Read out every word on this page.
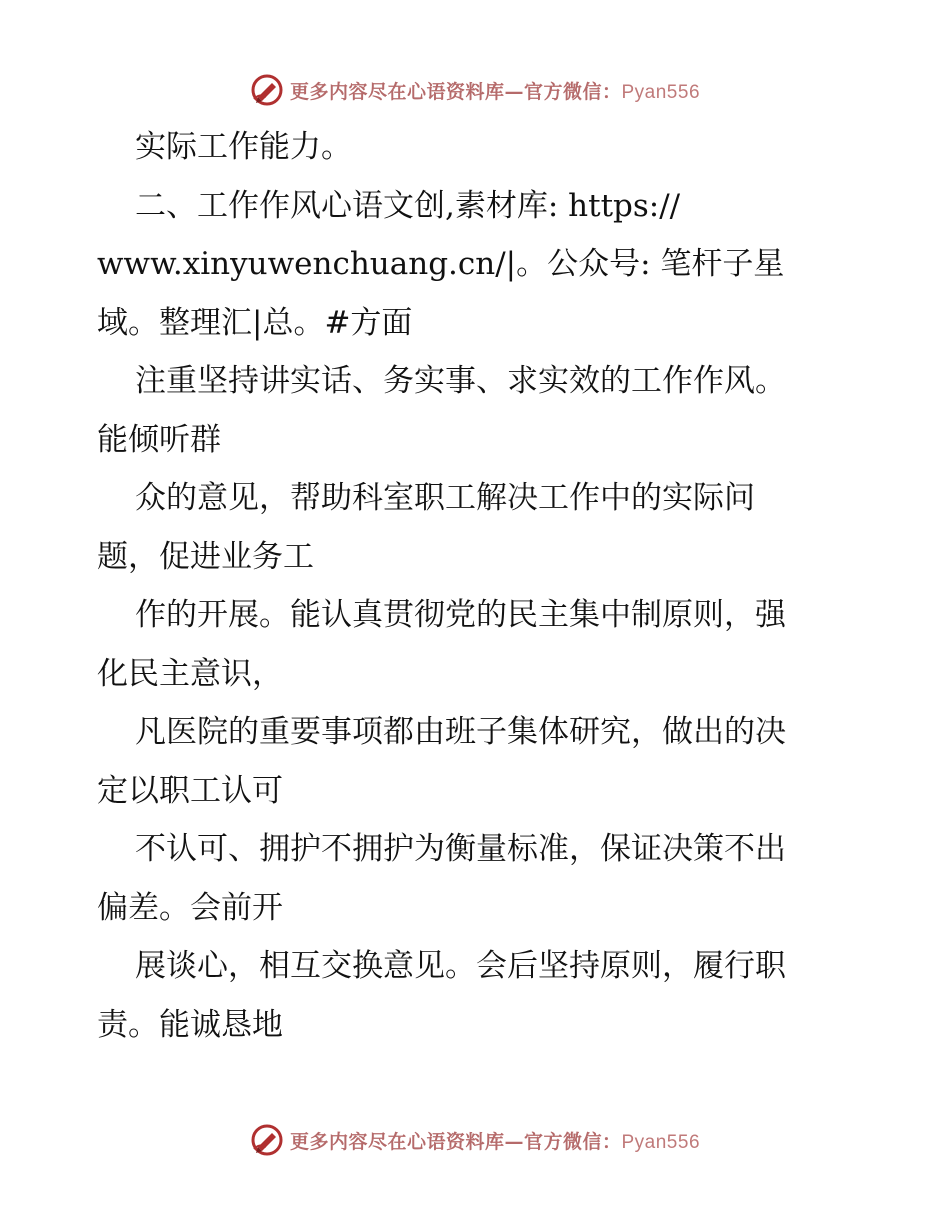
更多内容尽在心语资料库—官方微信：Pyan556
实际工作能力。
二、工作作风心语文创,素材库: https://
www.xinyuwenchuang.cn/|。公众号: 笔杆子星
域。整理汇|总。#方面
注重坚持讲实话、务实事、求实效的工作作风。
能倾听群
众的意见，帮助科室职工解决工作中的实际问
题，促进业务工
作的开展。能认真贯彻党的民主集中制原则，强
化民主意识，
凡医院的重要事项都由班子集体研究，做出的决
定以职工认可
不认可、拥护不拥护为衡量标准，保证决策不出
偏差。会前开
展谈心，相互交换意见。会后坚持原则，履行职
责。能诚恳地
更多内容尽在心语资料库—官方微信：Pyan556
